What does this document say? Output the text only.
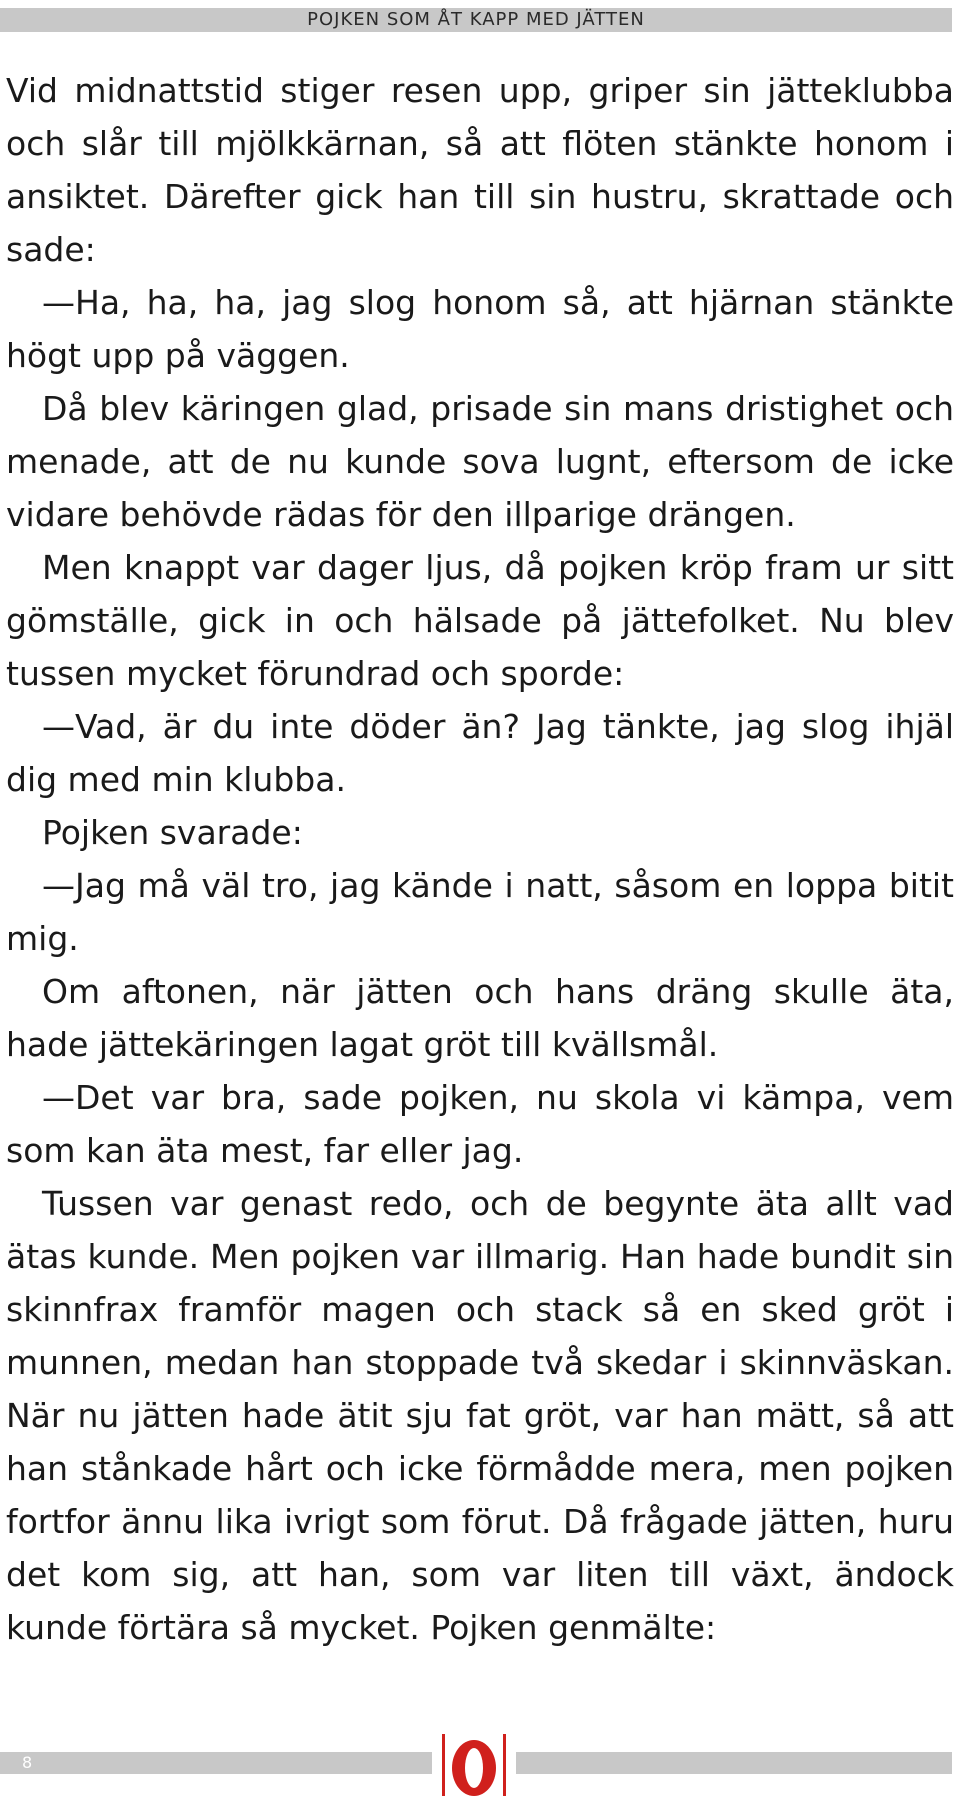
POJKEN SOM ÅT KAPP MED JÄTTEN

Vid midnattstid stiger resen upp, griper sin jätteklubba och slår till mjölkkärnan, så att flöten stänkte honom i ansiktet. Därefter gick han till sin hustru, skrattade och sade:

—Ha, ha, ha, jag slog honom så, att hjärnan stänkte högt upp på väggen.

Då blev käringen glad, prisade sin mans dristighet och menade, att de nu kunde sova lugnt, eftersom de icke vidare behövde rädas för den illparige drängen.

Men knappt var dager ljus, då pojken kröp fram ur sitt gömställe, gick in och hälsade på jättefolket. Nu blev tussen mycket förundrad och sporde:

—Vad, är du inte döder än? Jag tänkte, jag slog ihjäl dig med min klubba.

Pojken svarade:

—Jag må väl tro, jag kände i natt, såsom en loppa bitit mig.

Om aftonen, när jätten och hans dräng skulle äta, hade jättekäringen lagat gröt till kvällsmål.

—Det var bra, sade pojken, nu skola vi kämpa, vem som kan äta mest, far eller jag.

Tussen var genast redo, och de begynte äta allt vad ätas kunde. Men pojken var illmarig. Han hade bundit sin skinnfrax framför magen och stack så en sked gröt i munnen, medan han stoppade två skedar i skinnväskan. När nu jätten hade ätit sju fat gröt, var han mätt, så att han stånkade hårt och icke förmådde mera, men pojken fortfor ännu lika ivrigt som förut. Då frågade jätten, huru det kom sig, att han, som var liten till växt, ändock kunde förtära så mycket. Pojken genmälte:

8
